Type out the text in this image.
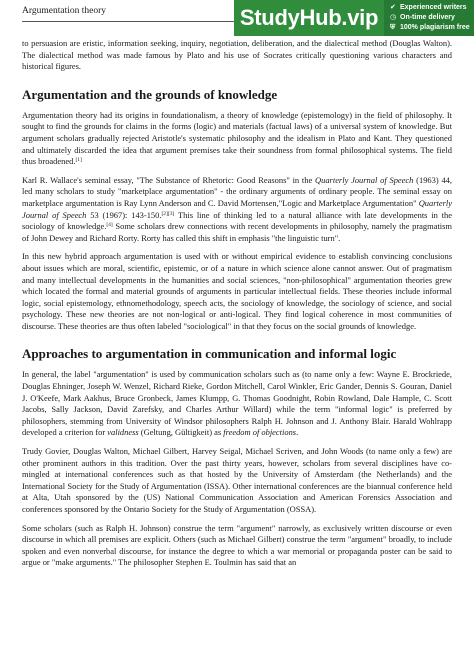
Argumentation theory	StudyHub.vip	✔ Experienced writers
◷ On-time delivery
⛨ 100% plagiarism free

to persuasion are eristic, information seeking, inquiry, negotiation, deliberation, and the dialectical method (Douglas Walton). The dialectical method was made famous by Plato and his use of Socrates critically questioning various characters and historical figures.

Argumentation and the grounds of knowledge

Argumentation theory had its origins in foundationalism, a theory of knowledge (epistemology) in the field of philosophy. It sought to find the grounds for claims in the forms (logic) and materials (factual laws) of a universal system of knowledge. But argument scholars gradually rejected Aristotle's systematic philosophy and the idealism in Plato and Kant. They questioned and ultimately discarded the idea that argument premises take their soundness from formal philosophical systems. The field thus broadened.[1]

Karl R. Wallace's seminal essay, "The Substance of Rhetoric: Good Reasons" in the Quarterly Journal of Speech (1963) 44, led many scholars to study "marketplace argumentation" - the ordinary arguments of ordinary people. The seminal essay on marketplace argumentation is Ray Lynn Anderson and C. David Mortensen,"Logic and Marketplace Argumentation" Quarterly Journal of Speech 53 (1967): 143-150.[2][3] This line of thinking led to a natural alliance with late developments in the sociology of knowledge.[4] Some scholars drew connections with recent developments in philosophy, namely the pragmatism of John Dewey and Richard Rorty. Rorty has called this shift in emphasis "the linguistic turn".

In this new hybrid approach argumentation is used with or without empirical evidence to establish convincing conclusions about issues which are moral, scientific, epistemic, or of a nature in which science alone cannot answer. Out of pragmatism and many intellectual developments in the humanities and social sciences, "non-philosophical" argumentation theories grew which located the formal and material grounds of arguments in particular intellectual fields. These theories include informal logic, social epistemology, ethnomethodology, speech acts, the sociology of knowledge, the sociology of science, and social psychology. These new theories are not non-logical or anti-logical. They find logical coherence in most communities of discourse. These theories are thus often labeled "sociological" in that they focus on the social grounds of knowledge.

Approaches to argumentation in communication and informal logic

In general, the label "argumentation" is used by communication scholars such as (to name only a few: Wayne E. Brockriede, Douglas Ehninger, Joseph W. Wenzel, Richard Rieke, Gordon Mitchell, Carol Winkler, Eric Gander, Dennis S. Gouran, Daniel J. O'Keefe, Mark Aakhus, Bruce Gronbeck, James Klumpp, G. Thomas Goodnight, Robin Rowland, Dale Hample, C. Scott Jacobs, Sally Jackson, David Zarefsky, and Charles Arthur Willard) while the term "informal logic" is preferred by philosophers, stemming from University of Windsor philosophers Ralph H. Johnson and J. Anthony Blair. Harald Wohlrapp developed a criterion for validness (Geltung, Gültigkeit) as freedom of objections.

Trudy Govier, Douglas Walton, Michael Gilbert, Harvey Seigal, Michael Scriven, and John Woods (to name only a few) are other prominent authors in this tradition. Over the past thirty years, however, scholars from several disciplines have co-mingled at international conferences such as that hosted by the University of Amsterdam (the Netherlands) and the International Society for the Study of Argumentation (ISSA). Other international conferences are the biannual conference held at Alta, Utah sponsored by the (US) National Communication Association and American Forensics Association and conferences sponsored by the Ontario Society for the Study of Argumentation (OSSA).

Some scholars (such as Ralph H. Johnson) construe the term "argument" narrowly, as exclusively written discourse or even discourse in which all premises are explicit. Others (such as Michael Gilbert) construe the term "argument" broadly, to include spoken and even nonverbal discourse, for instance the degree to which a war memorial or propaganda poster can be said to argue or "make arguments." The philosopher Stephen E. Toulmin has said that an
